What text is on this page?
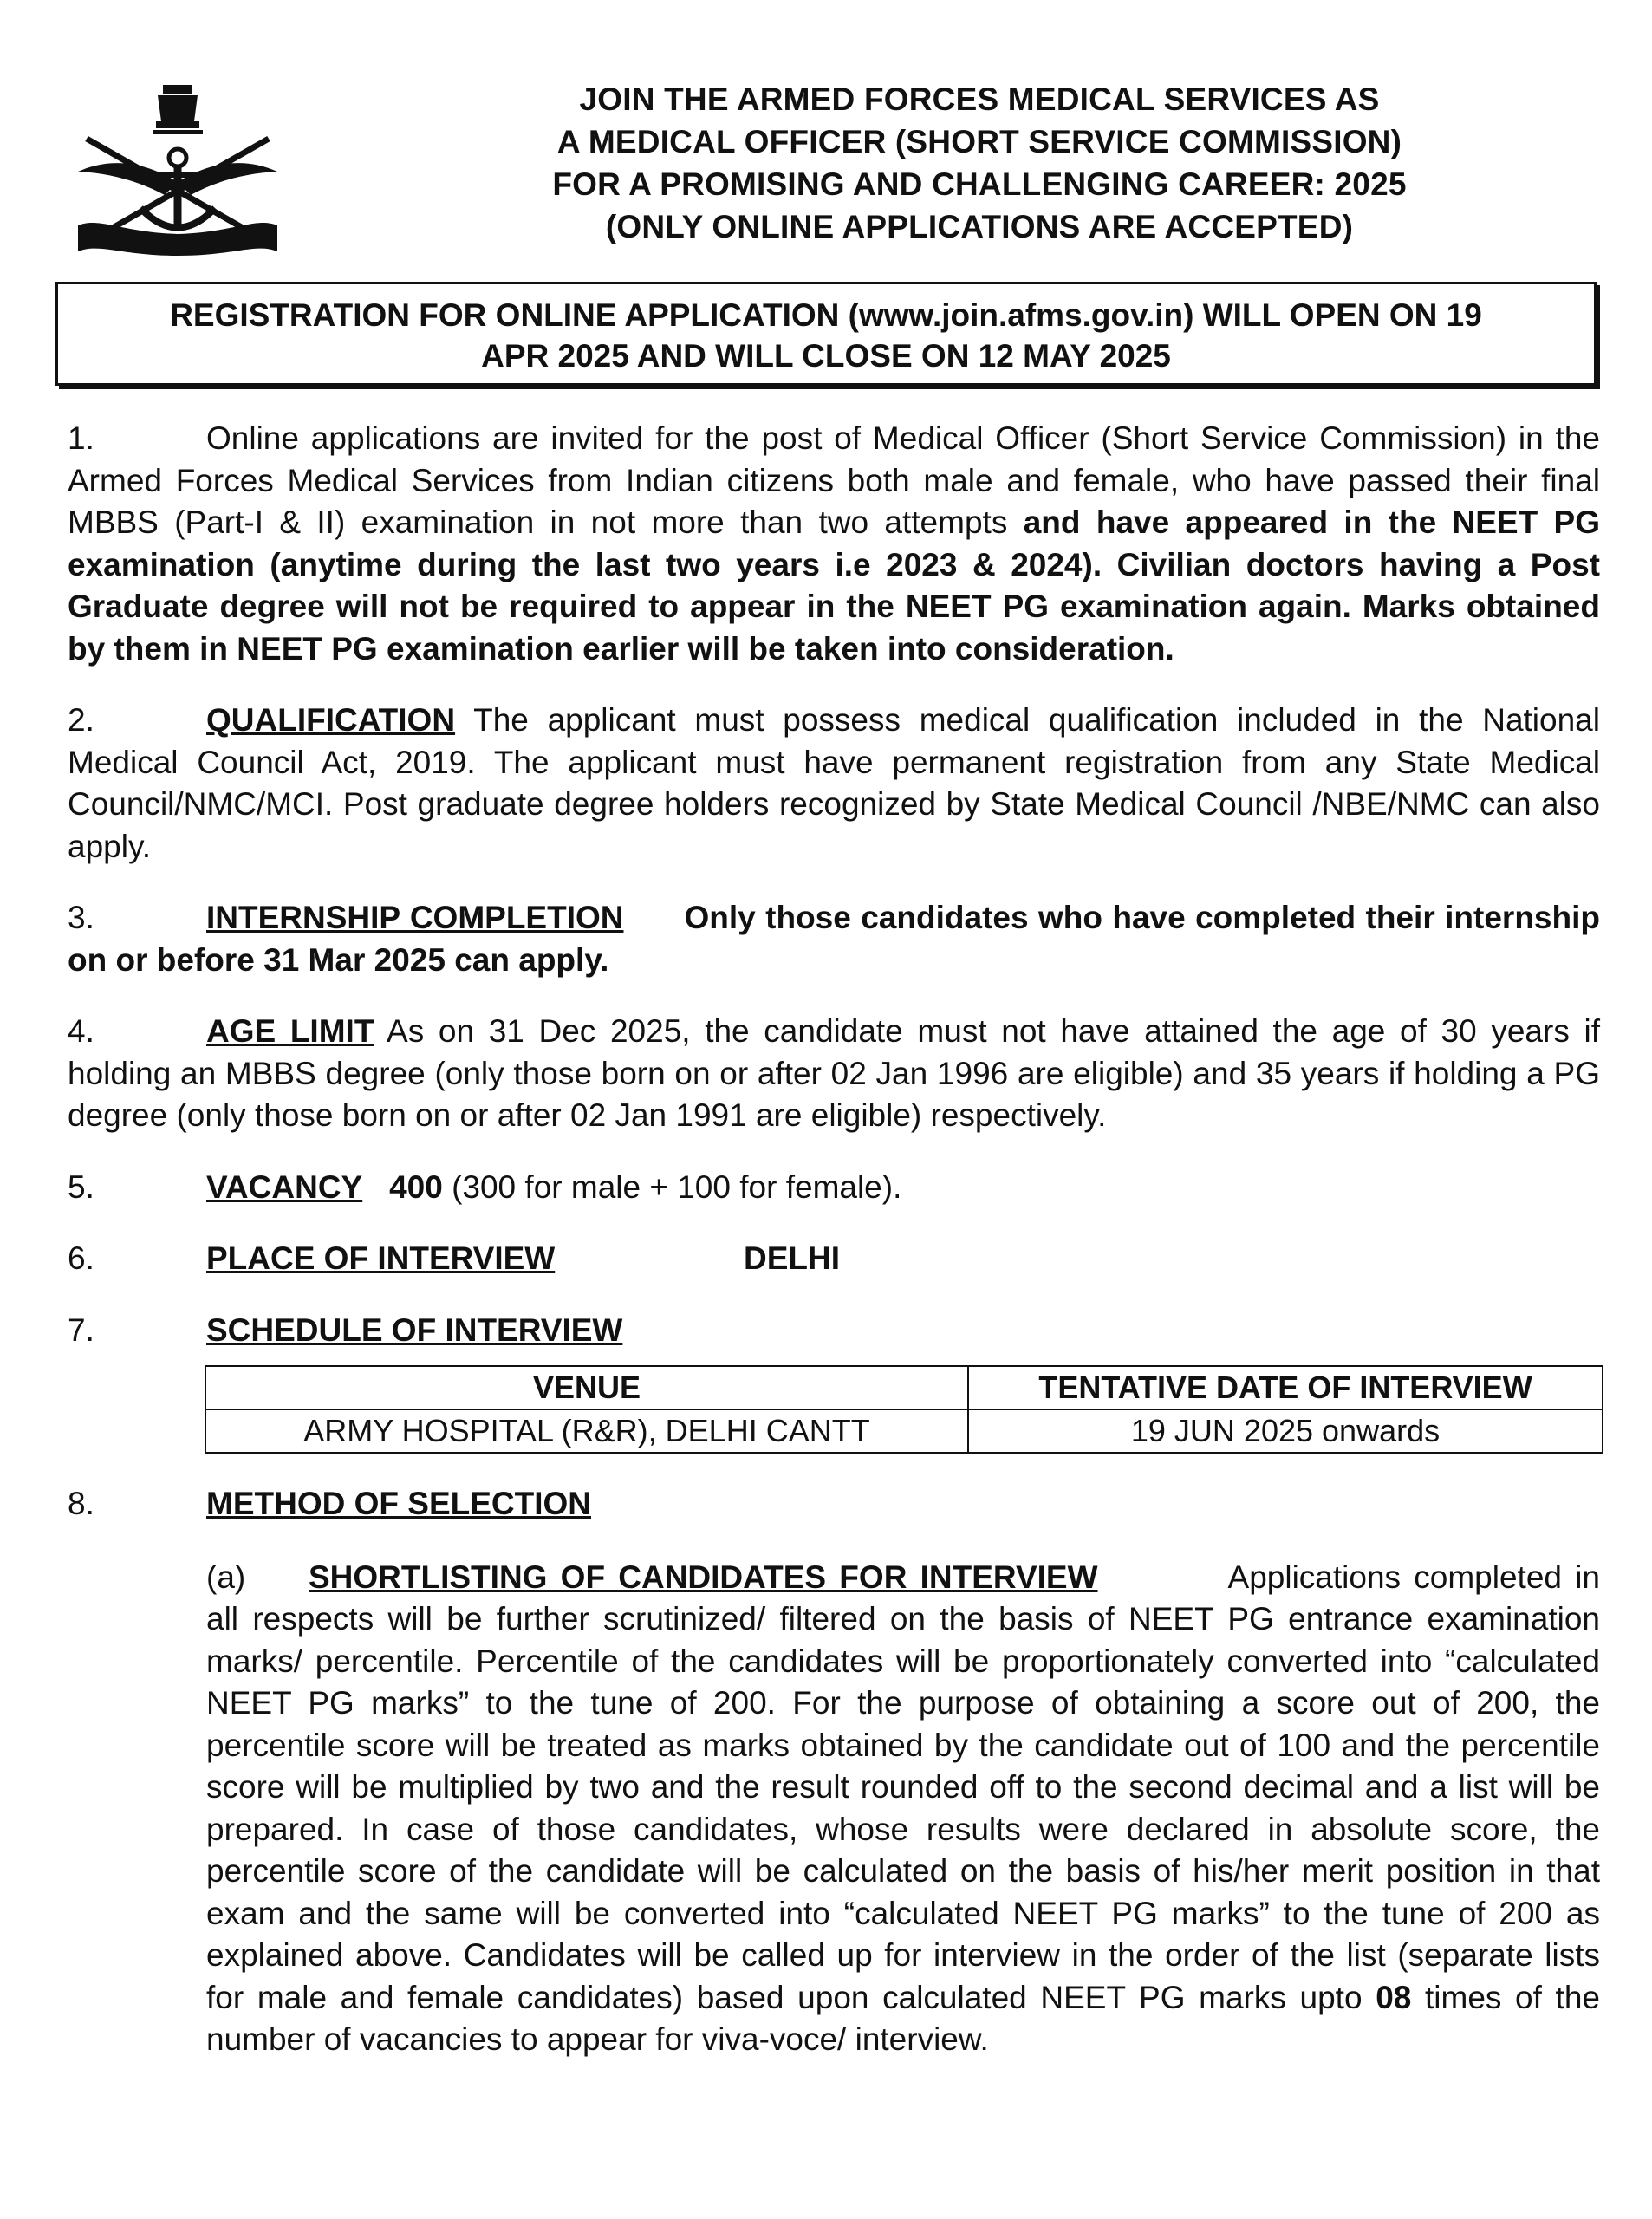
JOIN THE ARMED FORCES MEDICAL SERVICES AS
A MEDICAL OFFICER (SHORT SERVICE COMMISSION)
FOR A PROMISING AND CHALLENGING CAREER: 2025
(ONLY ONLINE APPLICATIONS ARE ACCEPTED)
REGISTRATION FOR ONLINE APPLICATION (www.join.afms.gov.in) WILL OPEN ON 19
APR 2025 AND WILL CLOSE ON 12 MAY 2025

1.	Online applications are invited for the post of Medical Officer (Short Service Commission) in the Armed Forces Medical Services from Indian citizens both male and female, who have passed their final MBBS (Part-I & II) examination in not more than two attempts and have appeared in the NEET PG examination (anytime during the last two years i.e 2023 & 2024). Civilian doctors having a Post Graduate degree will not be required to appear in the NEET PG examination again. Marks obtained by them in NEET PG examination earlier will be taken into consideration.

2.	QUALIFICATION The applicant must possess medical qualification included in the National Medical Council Act, 2019. The applicant must have permanent registration from any State Medical Council/NMC/MCI. Post graduate degree holders recognized by State Medical Council /NBE/NMC can also apply.

3.	INTERNSHIP COMPLETION Only those candidates who have completed their internship on or before 31 Mar 2025 can apply.

4.	AGE LIMIT As on 31 Dec 2025, the candidate must not have attained the age of 30 years if holding an MBBS degree (only those born on or after 02 Jan 1996 are eligible) and 35 years if holding a PG degree (only those born on or after 02 Jan 1991 are eligible) respectively.

5.	VACANCY 400 (300 for male + 100 for female).
6.	PLACE OF INTERVIEW	DELHI
7.	SCHEDULE OF INTERVIEW
VENUE	TENTATIVE DATE OF INTERVIEW
ARMY HOSPITAL (R&R), DELHI CANTT	19 JUN 2025 onwards
8.	METHOD OF SELECTION

(a) SHORTLISTING OF CANDIDATES FOR INTERVIEW	Applications completed in all respects will be further scrutinized/ filtered on the basis of NEET PG entrance examination marks/ percentile. Percentile of the candidates will be proportionately converted into “calculated NEET PG marks” to the tune of 200. For the purpose of obtaining a score out of 200, the percentile score will be treated as marks obtained by the candidate out of 100 and the percentile score will be multiplied by two and the result rounded off to the second decimal and a list will be prepared. In case of those candidates, whose results were declared in absolute score, the percentile score of the candidate will be calculated on the basis of his/her merit position in that exam and the same will be converted into “calculated NEET PG marks” to the tune of 200 as explained above. Candidates will be called up for interview in the order of the list (separate lists for male and female candidates) based upon calculated NEET PG marks upto 08 times of the number of vacancies to appear for viva-voce/ interview.
